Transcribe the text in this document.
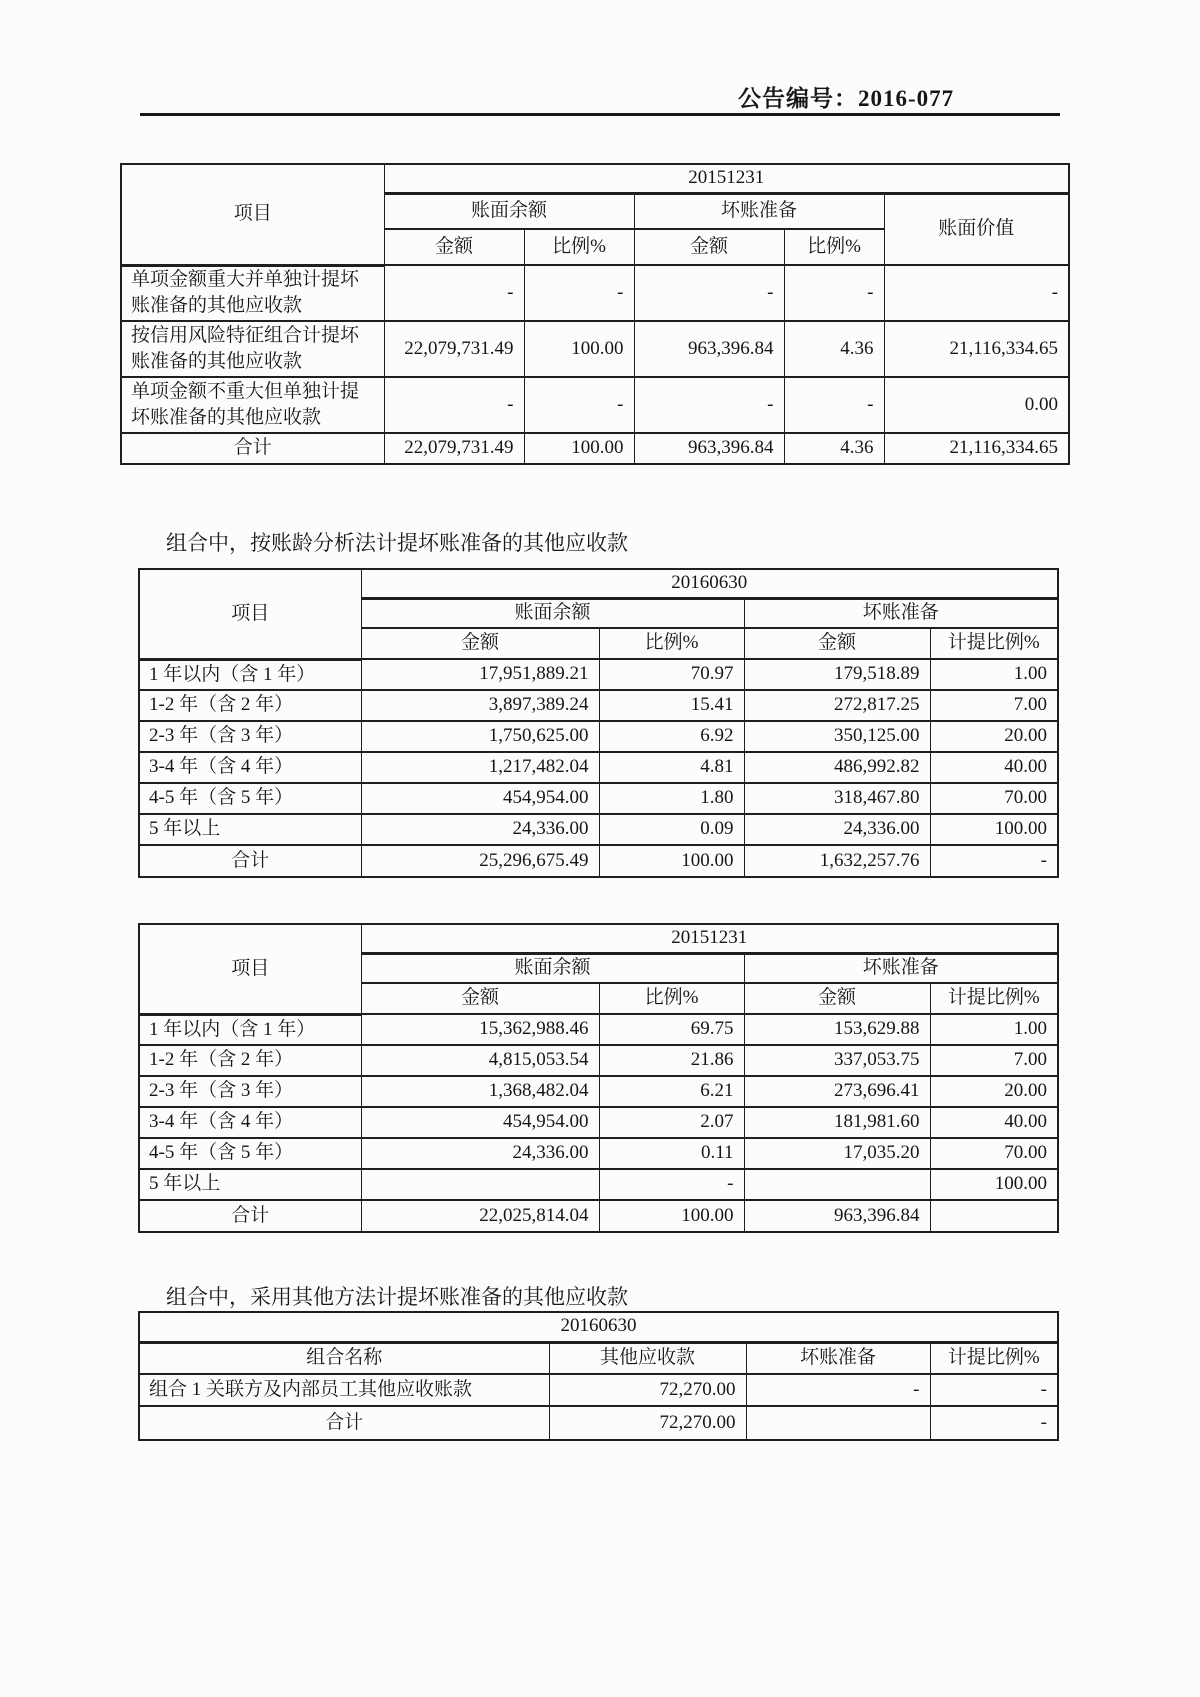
公告编号：2016-077
项目	20151231				
	账面余额		坏账准备		账面价值
	金额	比例%	金额	比例%	
单项金额重大并单独计提坏账准备的其他应收款	-	-	-	-	-
按信用风险特征组合计提坏账准备的其他应收款	22,079,731.49	100.00	963,396.84	4.36	21,116,334.65
单项金额不重大但单独计提坏账准备的其他应收款	-	-	-	-	0.00
合计	22,079,731.49	100.00	963,396.84	4.36	21,116,334.65
组合中，按账龄分析法计提坏账准备的其他应收款
项目	20160630			
	账面余额		坏账准备	
	金额	比例%	金额	计提比例%
1 年以内（含 1 年）	17,951,889.21	70.97	179,518.89	1.00
1-2 年（含 2 年）	3,897,389.24	15.41	272,817.25	7.00
2-3 年（含 3 年）	1,750,625.00	6.92	350,125.00	20.00
3-4 年（含 4 年）	1,217,482.04	4.81	486,992.82	40.00
4-5 年（含 5 年）	454,954.00	1.80	318,467.80	70.00
5 年以上	24,336.00	0.09	24,336.00	100.00
合计	25,296,675.49	100.00	1,632,257.76	-
项目	20151231			
	账面余额		坏账准备	
	金额	比例%	金额	计提比例%
1 年以内（含 1 年）	15,362,988.46	69.75	153,629.88	1.00
1-2 年（含 2 年）	4,815,053.54	21.86	337,053.75	7.00
2-3 年（含 3 年）	1,368,482.04	6.21	273,696.41	20.00
3-4 年（含 4 年）	454,954.00	2.07	181,981.60	40.00
4-5 年（含 5 年）	24,336.00	0.11	17,035.20	70.00
5 年以上		-		100.00
合计	22,025,814.04	100.00	963,396.84	
组合中，采用其他方法计提坏账准备的其他应收款
20160630			
组合名称	其他应收款	坏账准备	计提比例%
组合 1 关联方及内部员工其他应收账款	72,270.00	-	-
合计	72,270.00		-
